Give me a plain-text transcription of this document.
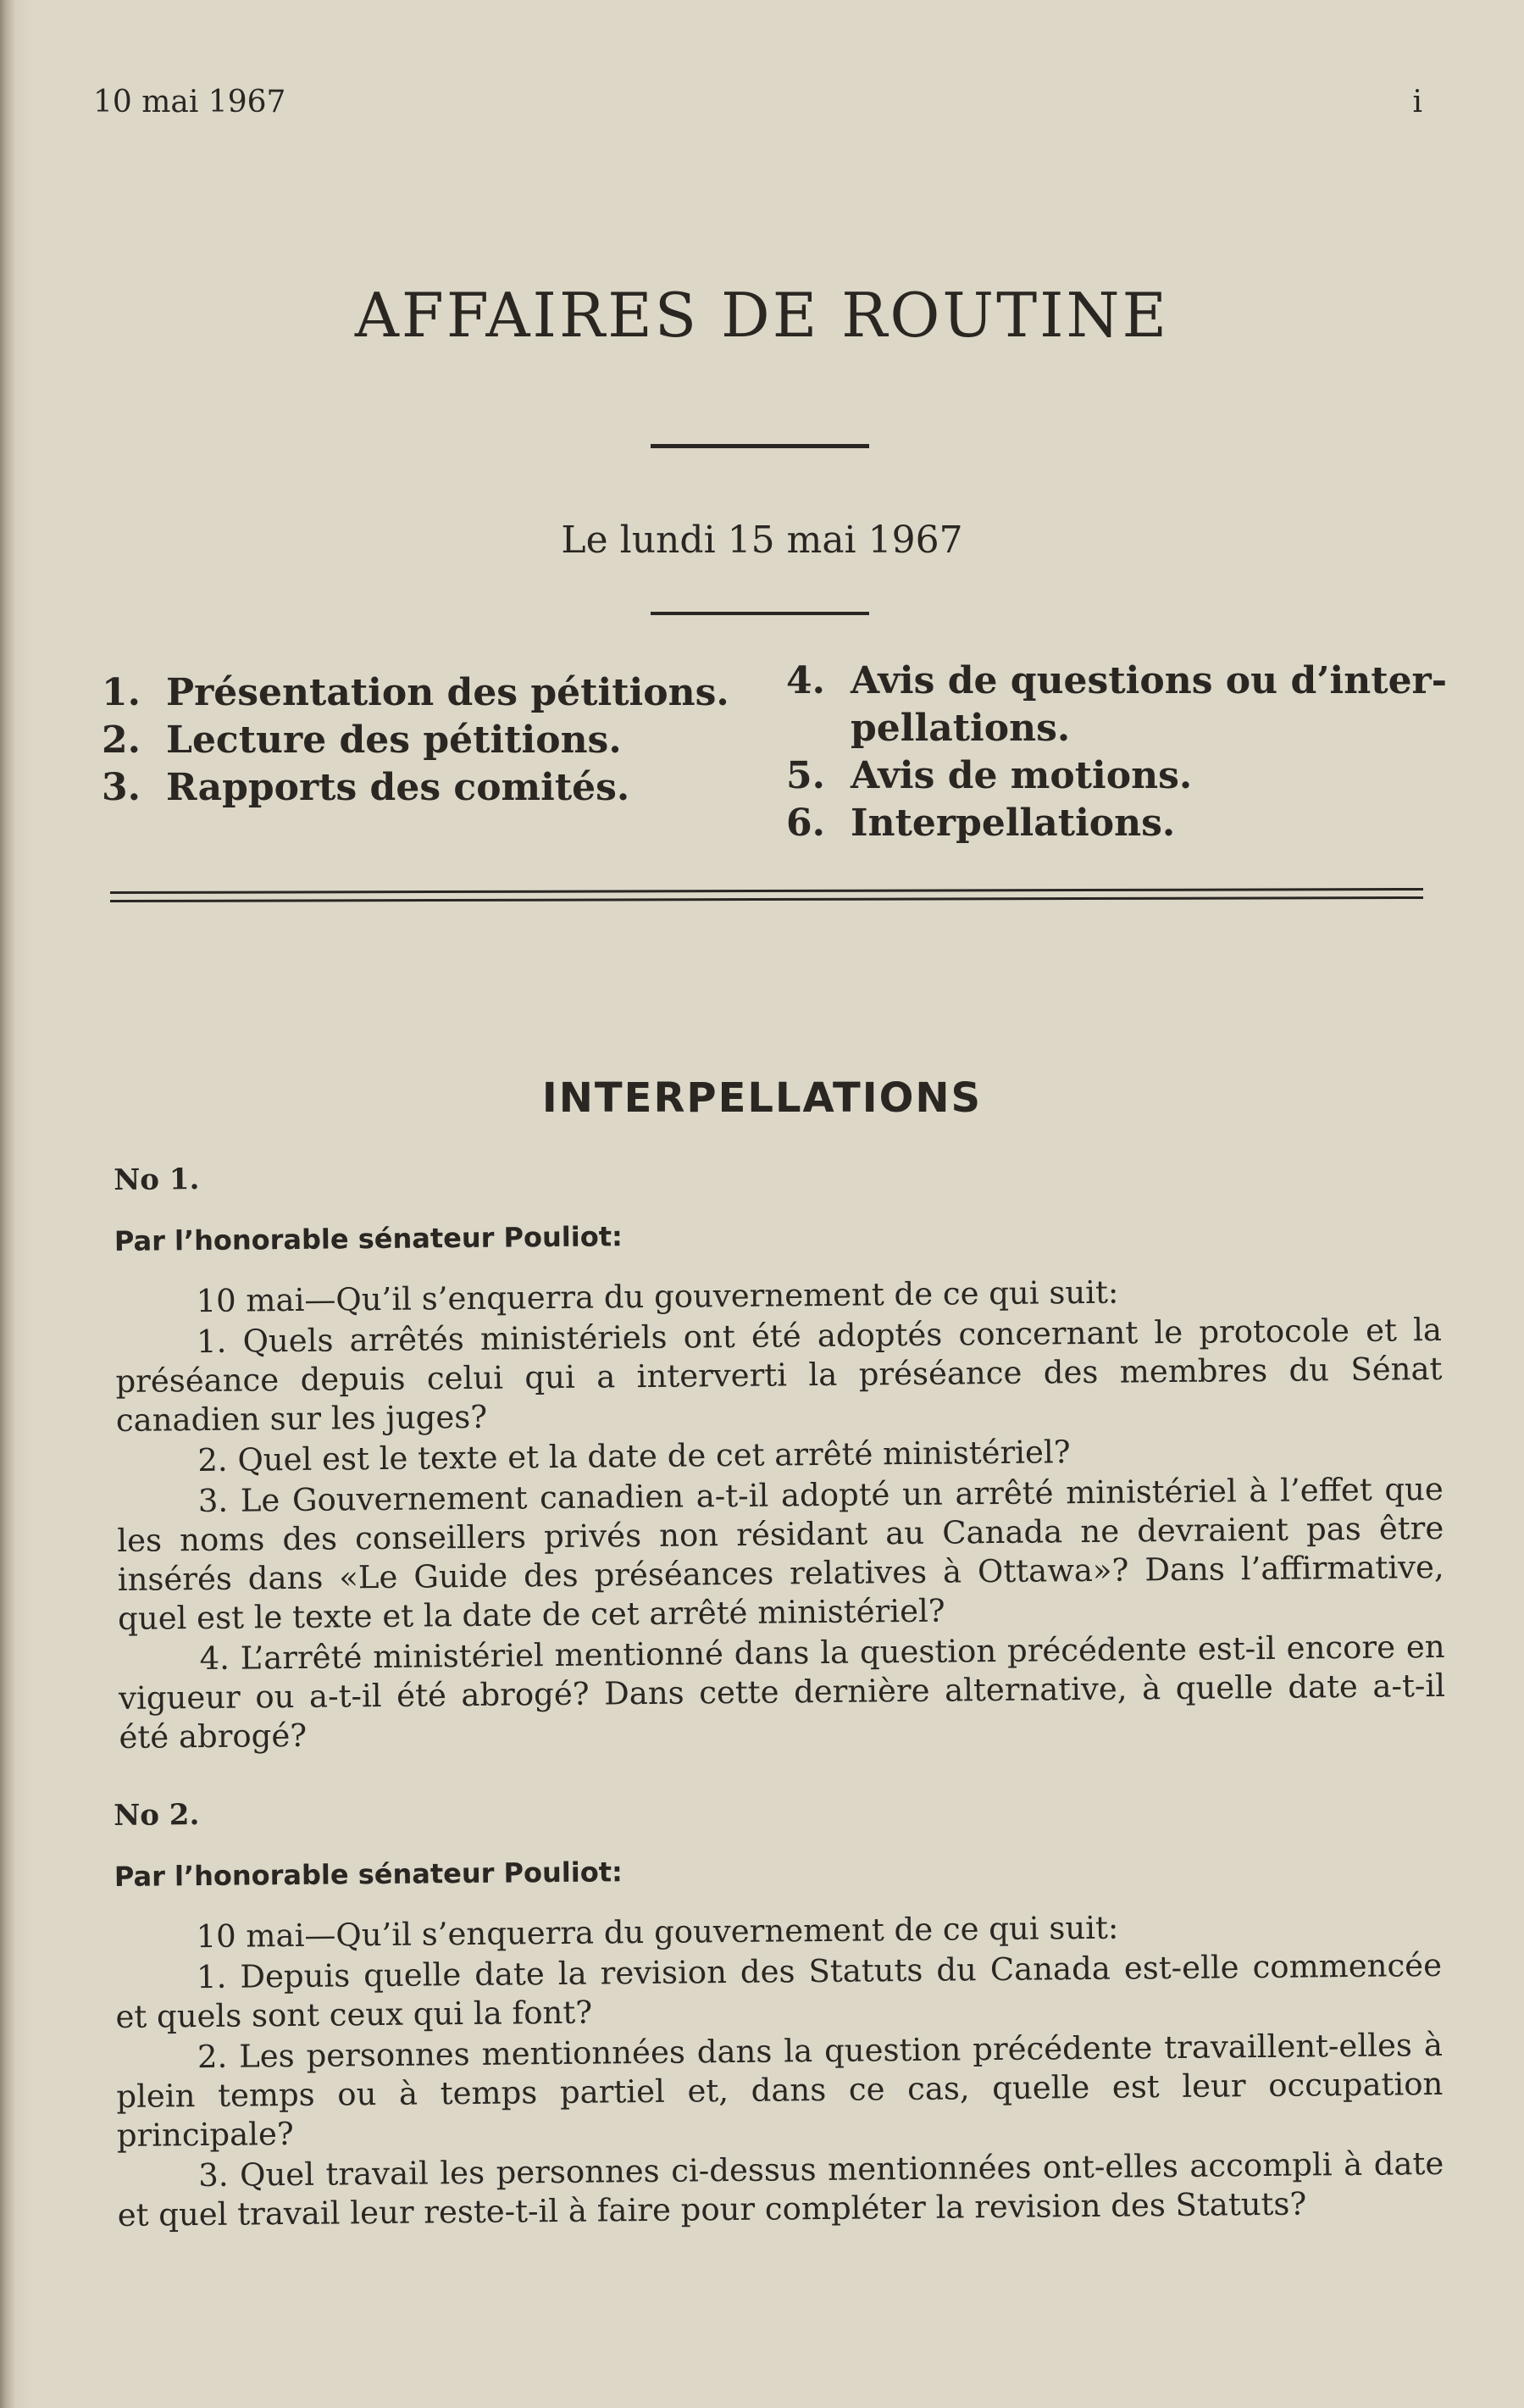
10 mai 1967	i
AFFAIRES DE ROUTINE
Le lundi 15 mai 1967
1. Présentation des pétitions.
2. Lecture des pétitions.
3. Rapports des comités.
4. Avis de questions ou d’inter-
pellations.
5. Avis de motions.
6. Interpellations.
INTERPELLATIONS

No 1.

Par l’honorable sénateur Pouliot:

10 mai—Qu’il s’enquerra du gouvernement de ce qui suit:

1. Quels arrêtés ministériels ont été adoptés concernant le protocole et la préséance depuis celui qui a interverti la préséance des membres du Sénat canadien sur les juges?

2. Quel est le texte et la date de cet arrêté ministériel?

3. Le Gouvernement canadien a-t-il adopté un arrêté ministériel à l’effet que les noms des conseillers privés non résidant au Canada ne devraient pas être insérés dans «Le Guide des préséances relatives à Ottawa»? Dans l’affirmative, quel est le texte et la date de cet arrêté ministériel?

4. L’arrêté ministériel mentionné dans la question précédente est-il encore en vigueur ou a-t-il été abrogé? Dans cette dernière alternative, à quelle date a-t-il été abrogé?

No 2.

Par l’honorable sénateur Pouliot:

10 mai—Qu’il s’enquerra du gouvernement de ce qui suit:

1. Depuis quelle date la revision des Statuts du Canada est-elle commencée et quels sont ceux qui la font?

2. Les personnes mentionnées dans la question précédente travaillent-elles à plein temps ou à temps partiel et, dans ce cas, quelle est leur occupation principale?

3. Quel travail les personnes ci-dessus mentionnées ont-elles accompli à date et quel travail leur reste-t-il à faire pour compléter la revision des Statuts?
